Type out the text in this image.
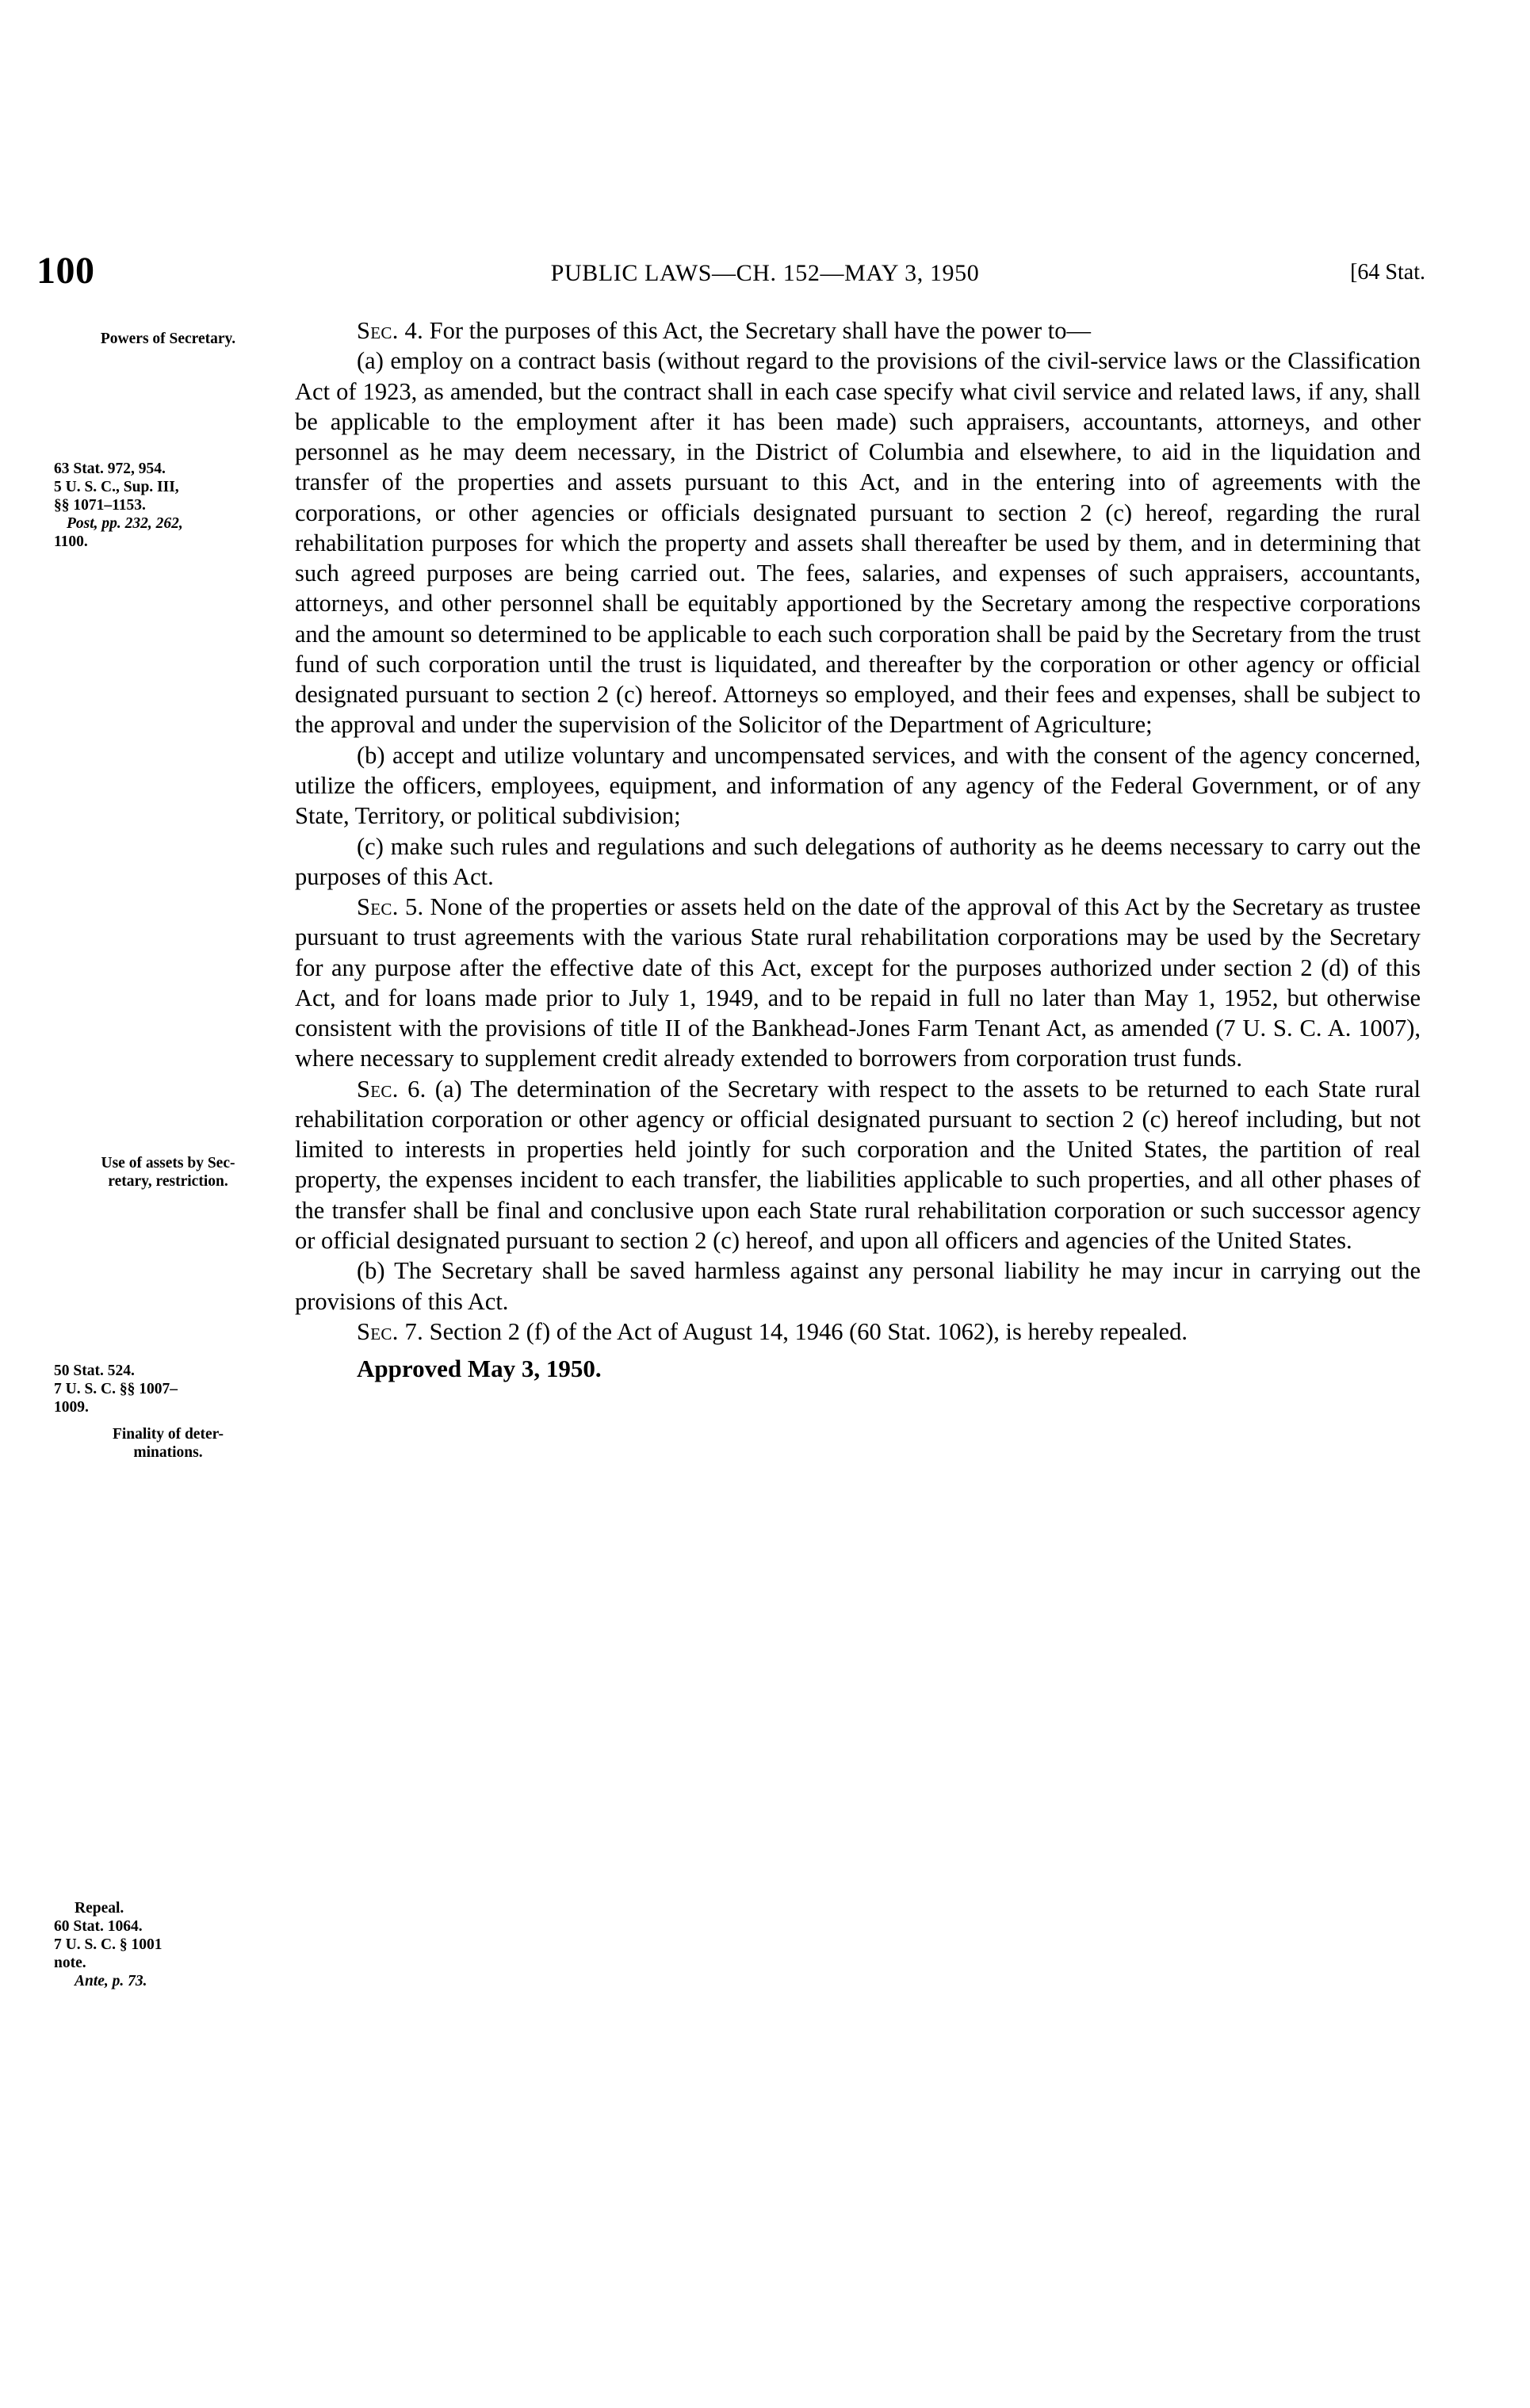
100	PUBLIC LAWS—CH. 152—MAY 3, 1950	[64 Stat.
Powers of Secretary.
63 Stat. 972, 954.
5 U. S. C., Sup. III,
§§ 1071–1153.
Post, pp. 232, 262,
1100.
Use of assets by Sec-
retary, restriction.
50 Stat. 524.
7 U. S. C. §§ 1007–
1009.
Finality of deter-
minations.
Repeal.
60 Stat. 1064.
7 U. S. C. § 1001
note.
Ante, p. 73.

Sec. 4. For the purposes of this Act, the Secretary shall have the power to—

(a) employ on a contract basis (without regard to the provisions of the civil-service laws or the Classification Act of 1923, as amended, but the contract shall in each case specify what civil service and related laws, if any, shall be applicable to the employment after it has been made) such appraisers, accountants, attorneys, and other personnel as he may deem necessary, in the District of Columbia and elsewhere, to aid in the liquidation and transfer of the properties and assets pursuant to this Act, and in the entering into of agreements with the corporations, or other agencies or officials designated pursuant to section 2 (c) hereof, regarding the rural rehabilitation purposes for which the property and assets shall thereafter be used by them, and in determining that such agreed purposes are being carried out. The fees, salaries, and expenses of such appraisers, accountants, attorneys, and other personnel shall be equitably apportioned by the Secretary among the respective corporations and the amount so determined to be applicable to each such corporation shall be paid by the Secretary from the trust fund of such corporation until the trust is liquidated, and thereafter by the corporation or other agency or official designated pursuant to section 2 (c) hereof. Attorneys so employed, and their fees and expenses, shall be subject to the approval and under the supervision of the Solicitor of the Department of Agriculture;

(b) accept and utilize voluntary and uncompensated services, and with the consent of the agency concerned, utilize the officers, employees, equipment, and information of any agency of the Federal Government, or of any State, Territory, or political subdivision;

(c) make such rules and regulations and such delegations of authority as he deems necessary to carry out the purposes of this Act.

Sec. 5. None of the properties or assets held on the date of the approval of this Act by the Secretary as trustee pursuant to trust agreements with the various State rural rehabilitation corporations may be used by the Secretary for any purpose after the effective date of this Act, except for the purposes authorized under section 2 (d) of this Act, and for loans made prior to July 1, 1949, and to be repaid in full no later than May 1, 1952, but otherwise consistent with the provisions of title II of the Bankhead-Jones Farm Tenant Act, as amended (7 U. S. C. A. 1007), where necessary to supplement credit already extended to borrowers from corporation trust funds.

Sec. 6. (a) The determination of the Secretary with respect to the assets to be returned to each State rural rehabilitation corporation or other agency or official designated pursuant to section 2 (c) hereof including, but not limited to interests in properties held jointly for such corporation and the United States, the partition of real property, the expenses incident to each transfer, the liabilities applicable to such properties, and all other phases of the transfer shall be final and conclusive upon each State rural rehabilitation corporation or such successor agency or official designated pursuant to section 2 (c) hereof, and upon all officers and agencies of the United States.

(b) The Secretary shall be saved harmless against any personal liability he may incur in carrying out the provisions of this Act.

Sec. 7. Section 2 (f) of the Act of August 14, 1946 (60 Stat. 1062), is hereby repealed.

Approved May 3, 1950.
